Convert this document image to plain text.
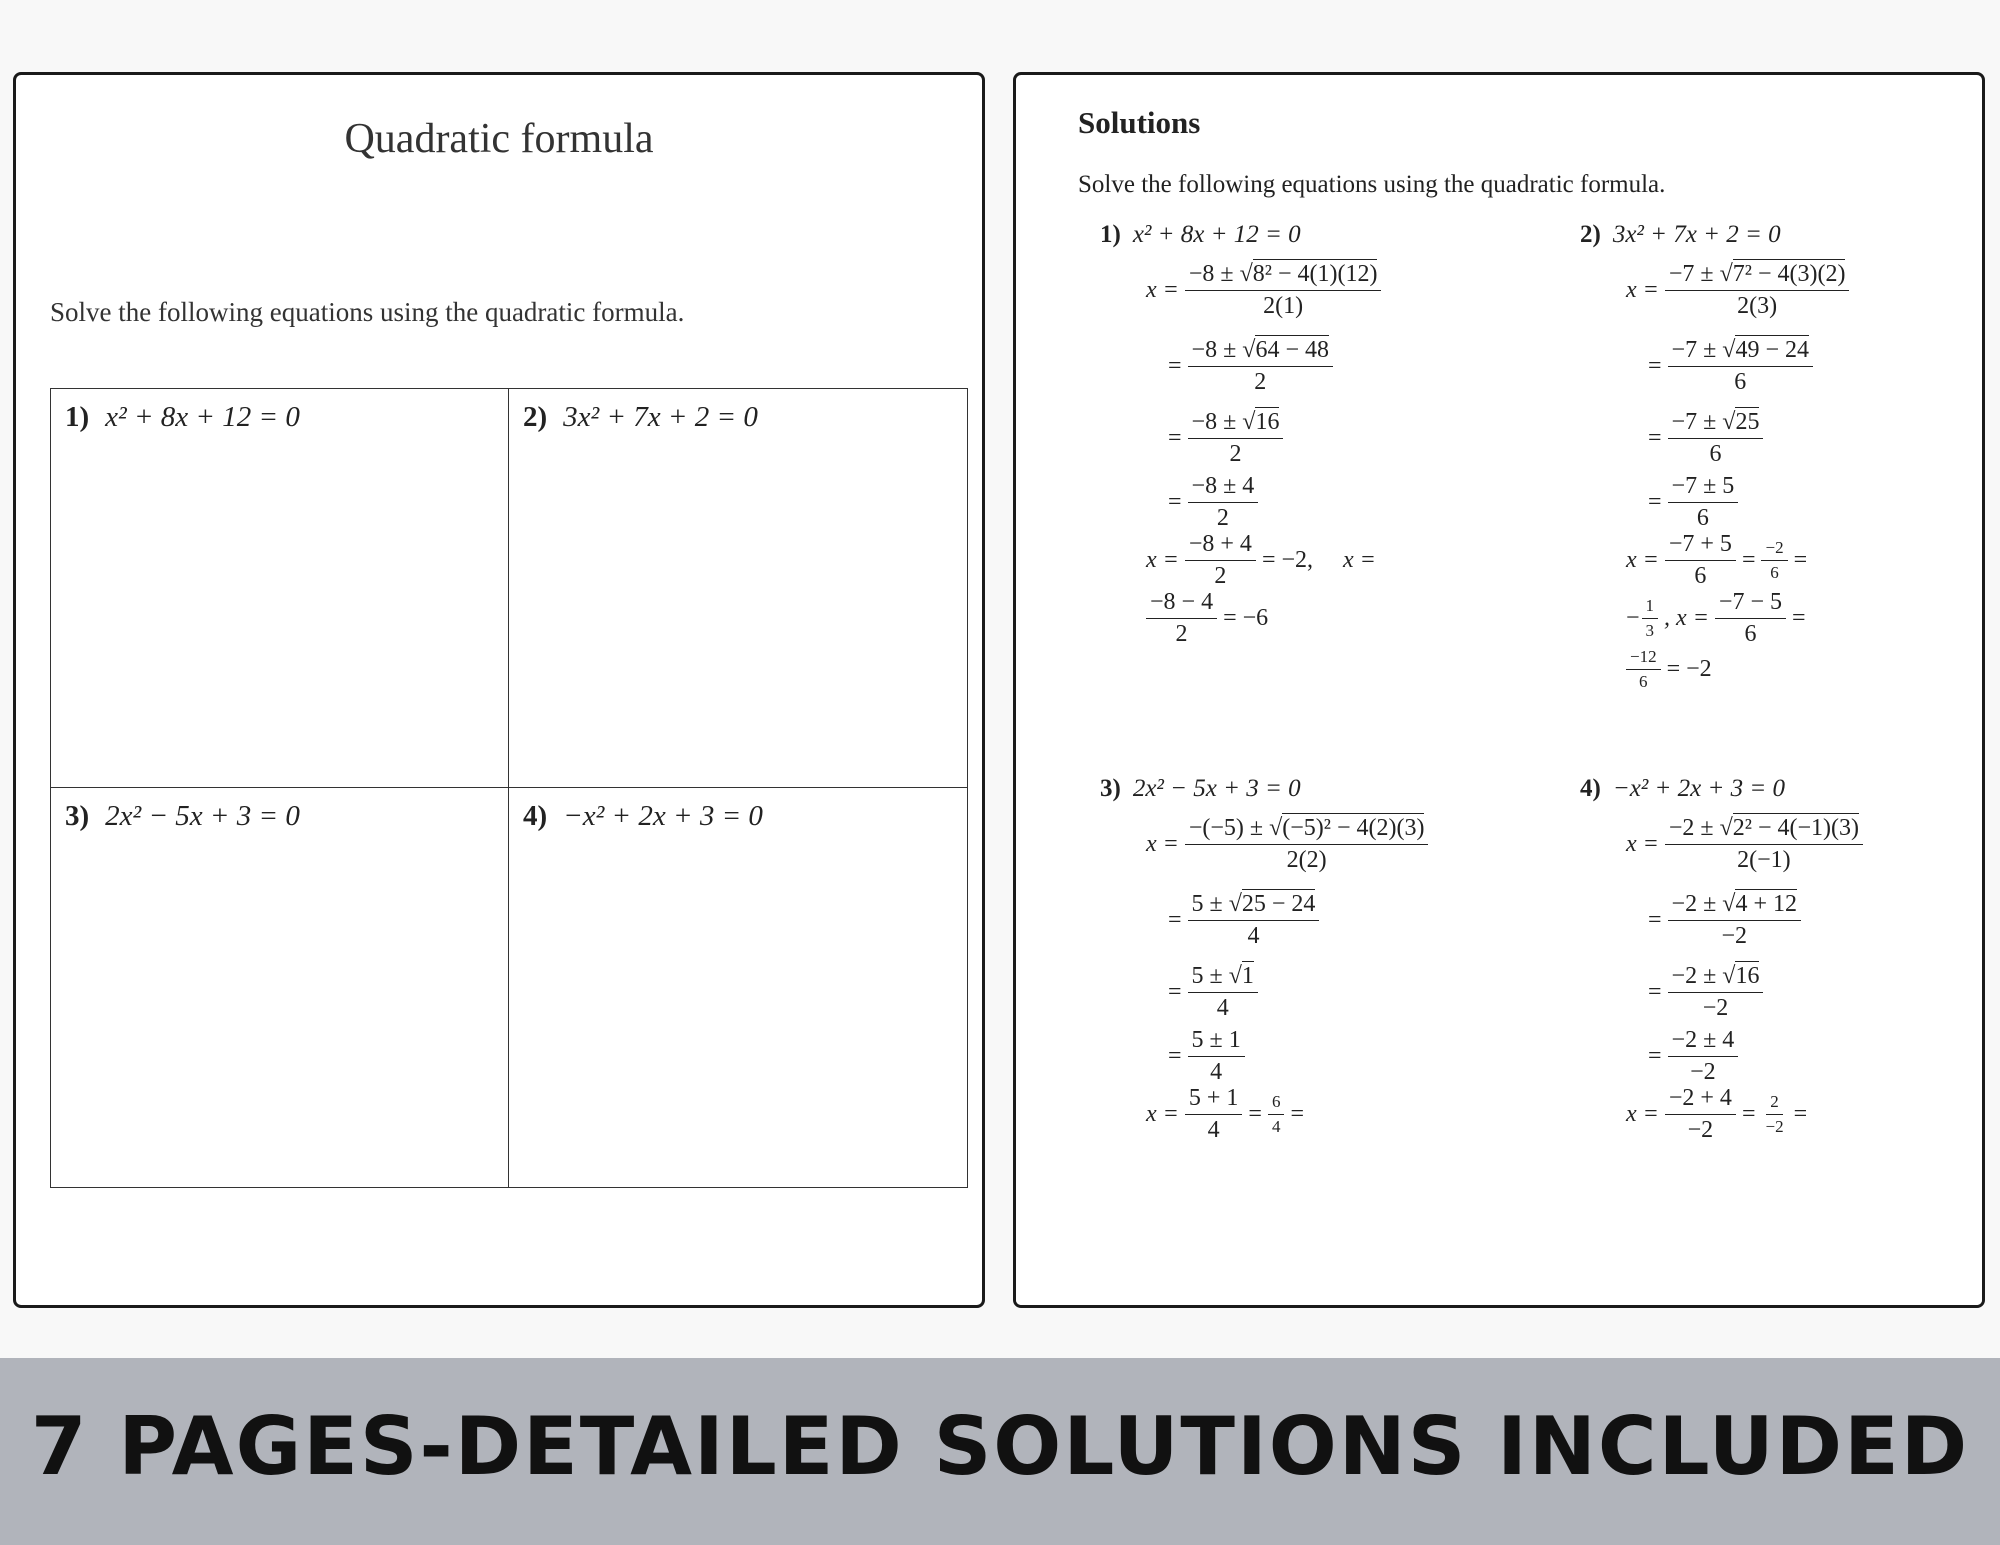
Quadratic formula
Solve the following equations using the quadratic formula.
1) x² + 8x + 12 = 0	2) 3x² + 7x + 2 = 0
3) 2x² − 5x + 3 = 0	4) −x² + 2x + 3 = 0
Solutions
Solve the following equations using the quadratic formula.
1) x² + 8x + 12 = 0
$x = \frac{\text{−8 ± √8² − 4(1)(12)}}{2(1)}$
= $\frac{-8 \pm √64 - 48}{2}$
= $\frac{-8 \pm √16}{2}$
= $\frac{-8 \pm 4}{2}$
$x = \frac{-8 + 4}{2} = -2$, x =
$\frac{-8 - 4}{2} = -6$
2) 3x² + 7x + 2 = 0
$x = \frac{\text{−7 ± √7² − 4(3)(2)}}{2(3)}$
= $\frac{-7 \pm √49 - 24}{6}$
= $\frac{-7 \pm √25}{6}$
= $\frac{-7 \pm 5}{6}$
$x = \frac{-7 + 5}{6} = \frac{-2}{6}$ =
− $\frac{1}{3}$ , $x = \frac{-7 - 5}{6}$ =
$\frac{-12}{6} = -2$
3) 2x² − 5x + 3 = 0
$x = \frac{\text{−(−5) ± √(−5)² − 4(2)(3)}}{2(2)}$
= $\frac{5 \pm √25 - 24}{4}$
= $\frac{5 \pm √1}{4}$
= $\frac{5 \pm 1}{4}$
$x = \frac{5 + 1}{4} = \frac{6}{4}$ =
4) −x² + 2x + 3 = 0
$x = \frac{\text{−2 ± √2² − 4(−1)(3)}}{2(-1)}$
= $\frac{-2 \pm √4 + 12}{-2}$
= $\frac{-2 \pm √16}{-2}$
= $\frac{-2 \pm 4}{-2}$
$x = \frac{-2 + 4}{-2} = \frac{2}{-2}$ =
7 PAGES-DETAILED SOLUTIONS INCLUDED
